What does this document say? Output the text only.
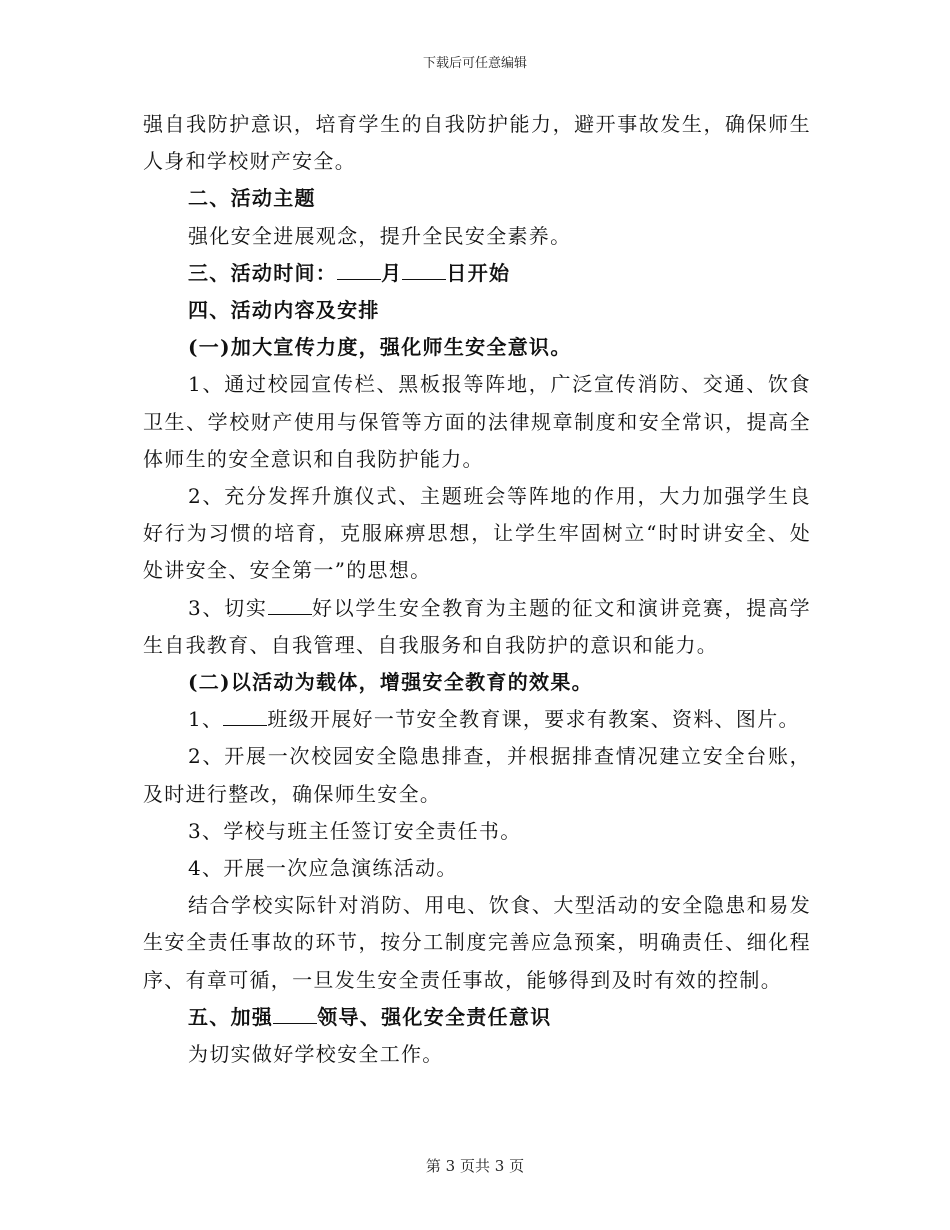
下载后可任意编辑

强自我防护意识，培育学生的自我防护能力，避开事故发生，确保师生人身和学校财产安全。

二、活动主题

强化安全进展观念，提升全民安全素养。

三、活动时间： 月 日开始

四、活动内容及安排

(一)加大宣传力度，强化师生安全意识。

1、通过校园宣传栏、黑板报等阵地，广泛宣传消防、交通、饮食卫生、学校财产使用与保管等方面的法律规章制度和安全常识，提高全体师生的安全意识和自我防护能力。

2、充分发挥升旗仪式、主题班会等阵地的作用，大力加强学生良好行为习惯的培育，克服麻痹思想，让学生牢固树立“时时讲安全、处处讲安全、安全第一”的思想。

3、切实 好以学生安全教育为主题的征文和演讲竞赛，提高学生自我教育、自我管理、自我服务和自我防护的意识和能力。

(二)以活动为载体，增强安全教育的效果。

1、 班级开展好一节安全教育课，要求有教案、资料、图片。

2、开展一次校园安全隐患排查，并根据排查情况建立安全台账，及时进行整改，确保师生安全。

3、学校与班主任签订安全责任书。

4、开展一次应急演练活动。

结合学校实际针对消防、用电、饮食、大型活动的安全隐患和易发生安全责任事故的环节，按分工制度完善应急预案，明确责任、细化程序、有章可循，一旦发生安全责任事故，能够得到及时有效的控制。

五、加强 领导、强化安全责任意识

为切实做好学校安全工作。

第 3 页共 3 页
